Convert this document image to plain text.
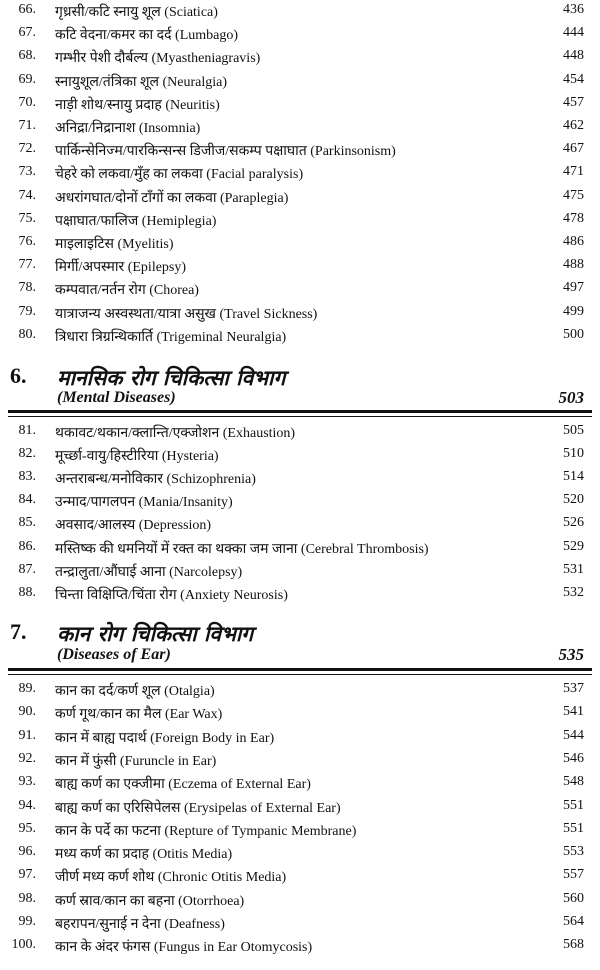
66. गृध्रसी/कटि स्नायु शूल (Sciatica)	436
67. कटि वेदना/कमर का दर्द (Lumbago)	444
68. गम्भीर पेशी दौर्बल्य (Myastheniagravis)	448
69. स्नायुशूल/तंत्रिका शूल (Neuralgia)	454
70. नाड़ी शोथ/स्नायु प्रदाह (Neuritis)	457
71. अनिद्रा/निद्रानाश (Insomnia)	462
72. पार्किन्सेनिज्म/पारकिन्सन्स डिजीज/सकम्प पक्षाघात (Parkinsonism)	467
73. चेहरे को लकवा/मुँह का लकवा (Facial paralysis)	471
74. अधरांगघात/दोनों टाँगों का लकवा (Paraplegia)	475
75. पक्षाघात/फालिज (Hemiplegia)	478
76. माइलाइटिस (Myelitis)	486
77. मिर्गी/अपस्मार (Epilepsy)	488
78. कम्पवात/नर्तन रोग (Chorea)	497
79. यात्राजन्य अस्वस्थता/यात्रा असुख (Travel Sickness)	499
80. त्रिधारा त्रिग्रन्थिकार्ति (Trigeminal Neuralgia)	500
6. मानसिक रोग चिकित्सा विभाग
(Mental Diseases)	503
81. थकावट/थकान/क्लान्ति/एक्जोशन (Exhaustion)	505
82. मूर्च्छा-वायु/हिस्टीरिया (Hysteria)	510
83. अन्तराबन्ध/मनोविकार (Schizophrenia)	514
84. उन्माद/पागलपन (Mania/Insanity)	520
85. अवसाद/आलस्य (Depression)	526
86. मस्तिष्क की धमनियों में रक्त का थक्का जम जाना (Cerebral Thrombosis)	529
87. तन्द्रालुता/औंघाई आना (Narcolepsy)	531
88. चिन्ता विक्षिप्ति/चिंता रोग (Anxiety Neurosis)	532
7. कान रोग चिकित्सा विभाग
(Diseases of Ear)	535
89. कान का दर्द/कर्ण शूल (Otalgia)	537
90. कर्ण गूथ/कान का मैल (Ear Wax)	541
91. कान में बाह्य पदार्थ (Foreign Body in Ear)	544
92. कान में फुंसी (Furuncle in Ear)	546
93. बाह्य कर्ण का एक्जीमा (Eczema of External Ear)	548
94. बाह्य कर्ण का एरिसिपेलस (Erysipelas of External Ear)	551
95. कान के पर्दे का फटना (Repture of Tympanic Membrane)	551
96. मध्य कर्ण का प्रदाह (Otitis Media)	553
97. जीर्ण मध्य कर्ण शोथ (Chronic Otitis Media)	557
98. कर्ण स्राव/कान का बहना (Otorrhoea)	560
99. बहरापन/सुनाई न देना (Deafness)	564
100. कान के अंदर फंगस (Fungus in Ear Otomycosis)	568
